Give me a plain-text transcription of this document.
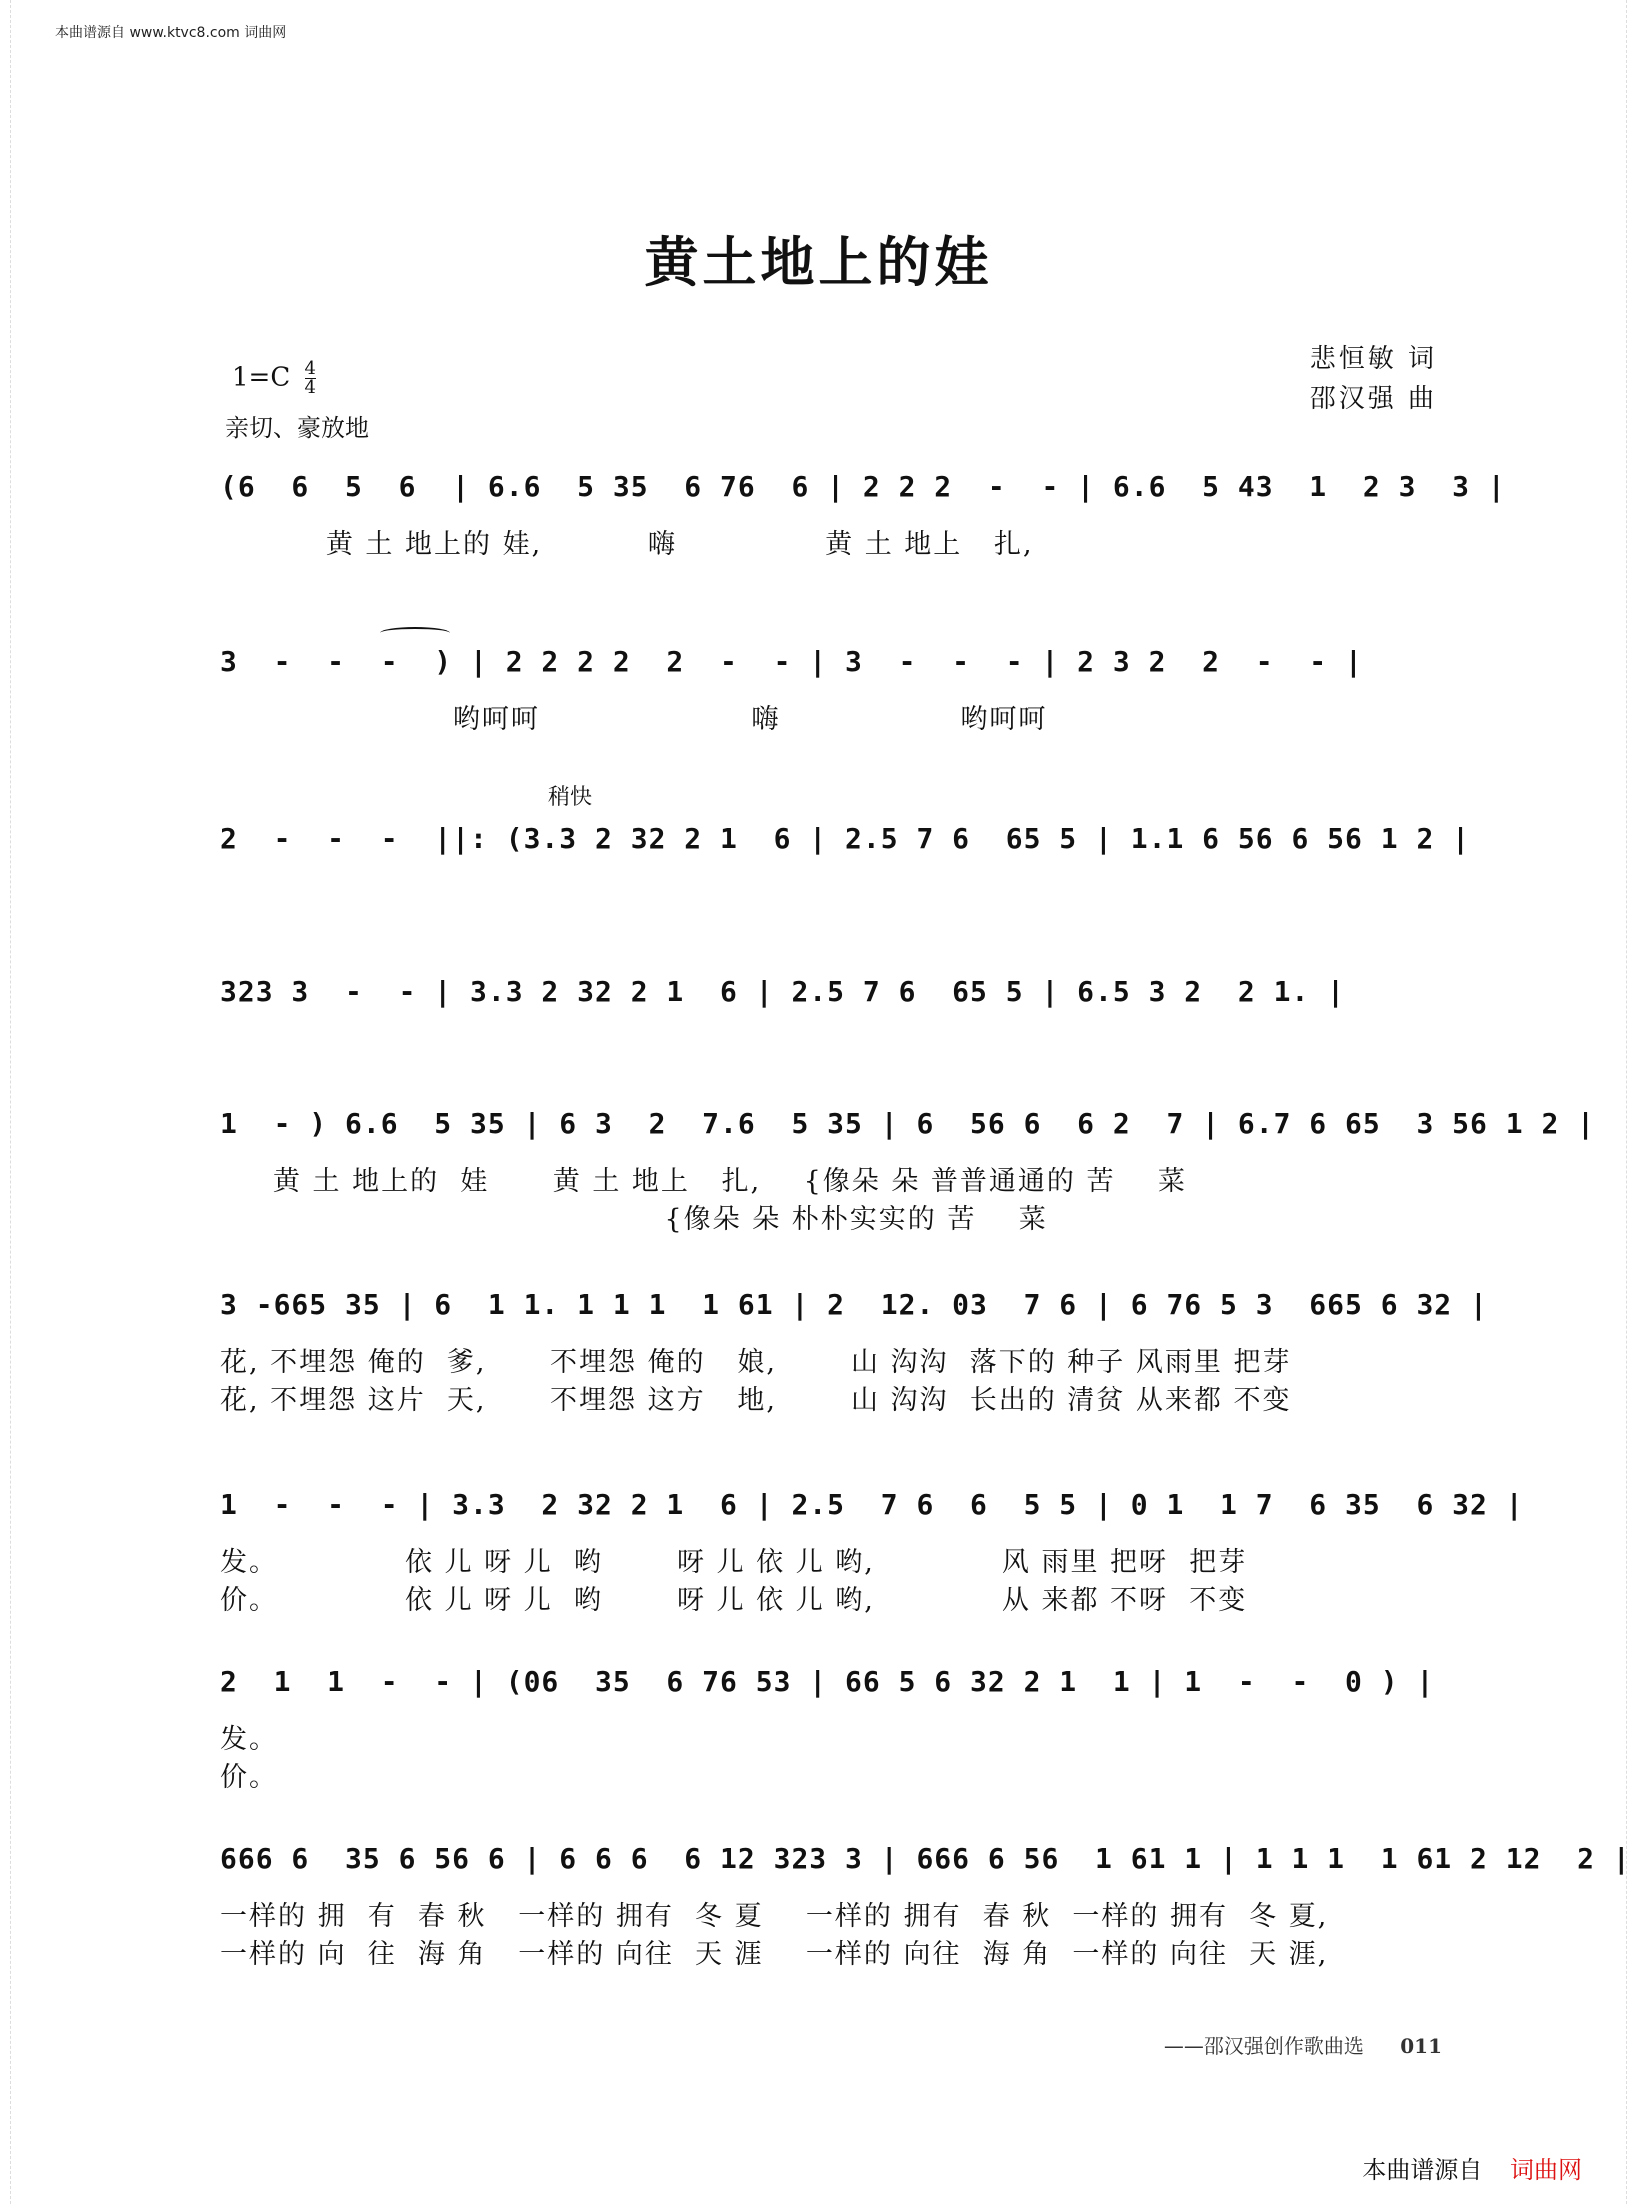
本曲谱源自 www.ktvc8.com 词曲网
黄土地上的娃
$1=C \frac{4}{4}$
亲切、豪放地
悲恒敏 词
邵汉强 曲
稍快
(6  6  5  6  | 6.6  5 35  6 76  6 | 2 2 2  -  - | 6.6  5 43  1  2 3  3 |
黄 土 地上的 娃,          嗨              黄 土 地上   扎,
3  -  -  -  ) | 2 2 2 2  2  -  - | 3  -  -  - | 2 3 2  2  -  - |
哟呵呵                    嗨                 哟呵呵
2  -  -  -  ||: (3.3 2 32 2 1  6 | 2.5 7 6  65 5 | 1.1 6 56 6 56 1 2 |
323 3  -  - | 3.3 2 32 2 1  6 | 2.5 7 6  65 5 | 6.5 3 2  2 1. |
1  - ) 6.6  5 35 | 6 3  2  7.6  5 35 | 6  56 6  6 2  7 | 6.7 6 65  3 56 1 2 |
黄 土 地上的  娃      黄 土 地上   扎,    {像朵 朵 普普通通的 苦    菜
{像朵 朵 朴朴实实的 苦    菜
3 -665 35 | 6  1 1. 1 1 1  1 61 | 2  12. 03  7 6 | 6 76 5 3  665 6 32 |
花, 不埋怨 俺的  爹,      不埋怨 俺的   娘,       山 沟沟  落下的 种子 风雨里 把芽
花, 不埋怨 这片  天,      不埋怨 这方   地,       山 沟沟  长出的 清贫 从来都 不变
1  -  -  - | 3.3  2 32 2 1  6 | 2.5  7 6  6  5 5 | 0 1  1 7  6 35  6 32 |
发。            依 儿 呀 儿  哟       呀 儿 依 儿 哟,            风 雨里 把呀  把芽
价。            依 儿 呀 儿  哟       呀 儿 依 儿 哟,            从 来都 不呀  不变
2  1  1  -  - | (06  35  6 76 53 | 66 5 6 32 2 1  1 | 1  -  -  0 ) |
发。
价。
666 6  35 6 56 6 | 6 6 6  6 12 323 3 | 666 6 56  1 61 1 | 1 1 1  1 61 2 12  2 |
一样的 拥  有  春 秋   一样的 拥有  冬 夏    一样的 拥有  春 秋  一样的 拥有  冬 夏,
一样的 向  往  海 角   一样的 向往  天 涯    一样的 向往  海 角  一样的 向往  天 涯,
——邵汉强创作歌曲选 011
本曲谱源自 词曲网
